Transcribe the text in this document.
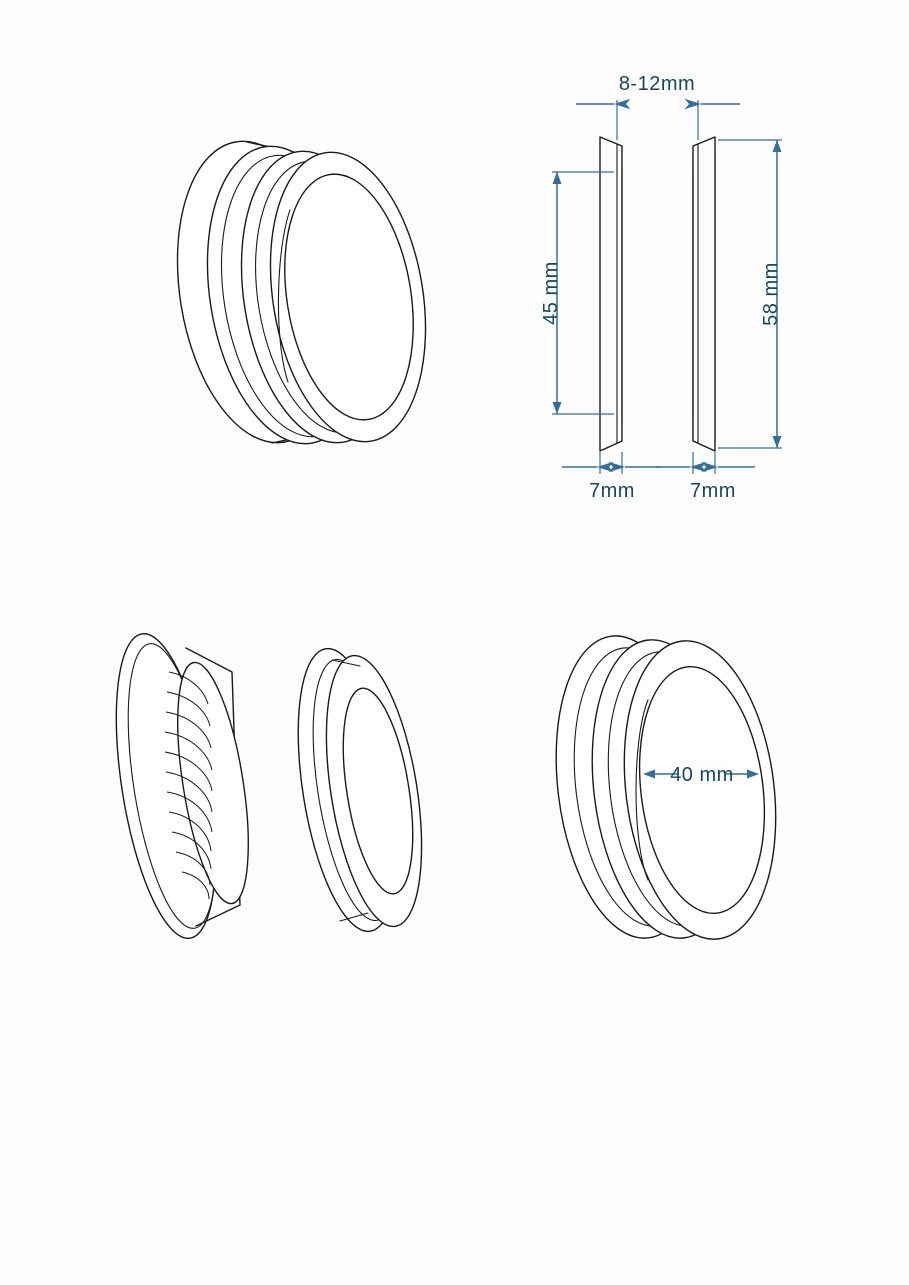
8-12mm
45 mm	58 mm
7mm	7mm
40 mm
